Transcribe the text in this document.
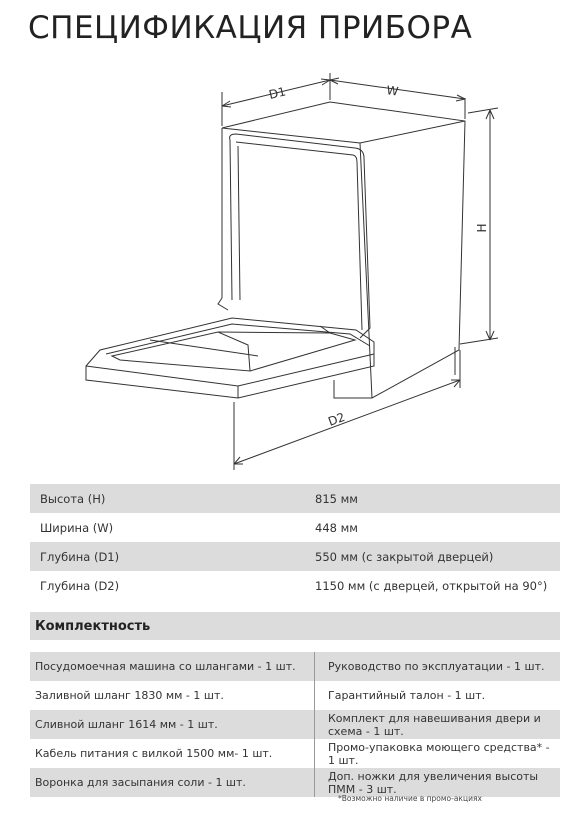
СПЕЦИФИКАЦИЯ ПРИБОРА
D1	W
H
D2
Высота (H)	815 мм
Ширина (W)	448 мм
Глубина (D1)	550 мм (с закрытой дверцей)
Глубина (D2)	1150 мм (с дверцей, открытой на 90°)
Комплектность
Посудомоечная машина со шлангами - 1 шт.	Руководство по эксплуатации - 1 шт.
Заливной шланг 1830 мм - 1 шт.	Гарантийный талон - 1 шт.
Сливной шланг 1614 мм - 1 шт.	Комплект для навешивания двери и схема - 1 шт.
Кабель питания с вилкой 1500 мм- 1 шт.	Промо-упаковка моющего средства* - 1 шт.
Воронка для засыпания соли - 1 шт.	Доп. ножки для увеличения высоты ПММ - 3 шт.
*Возможно наличие в промо-акциях
